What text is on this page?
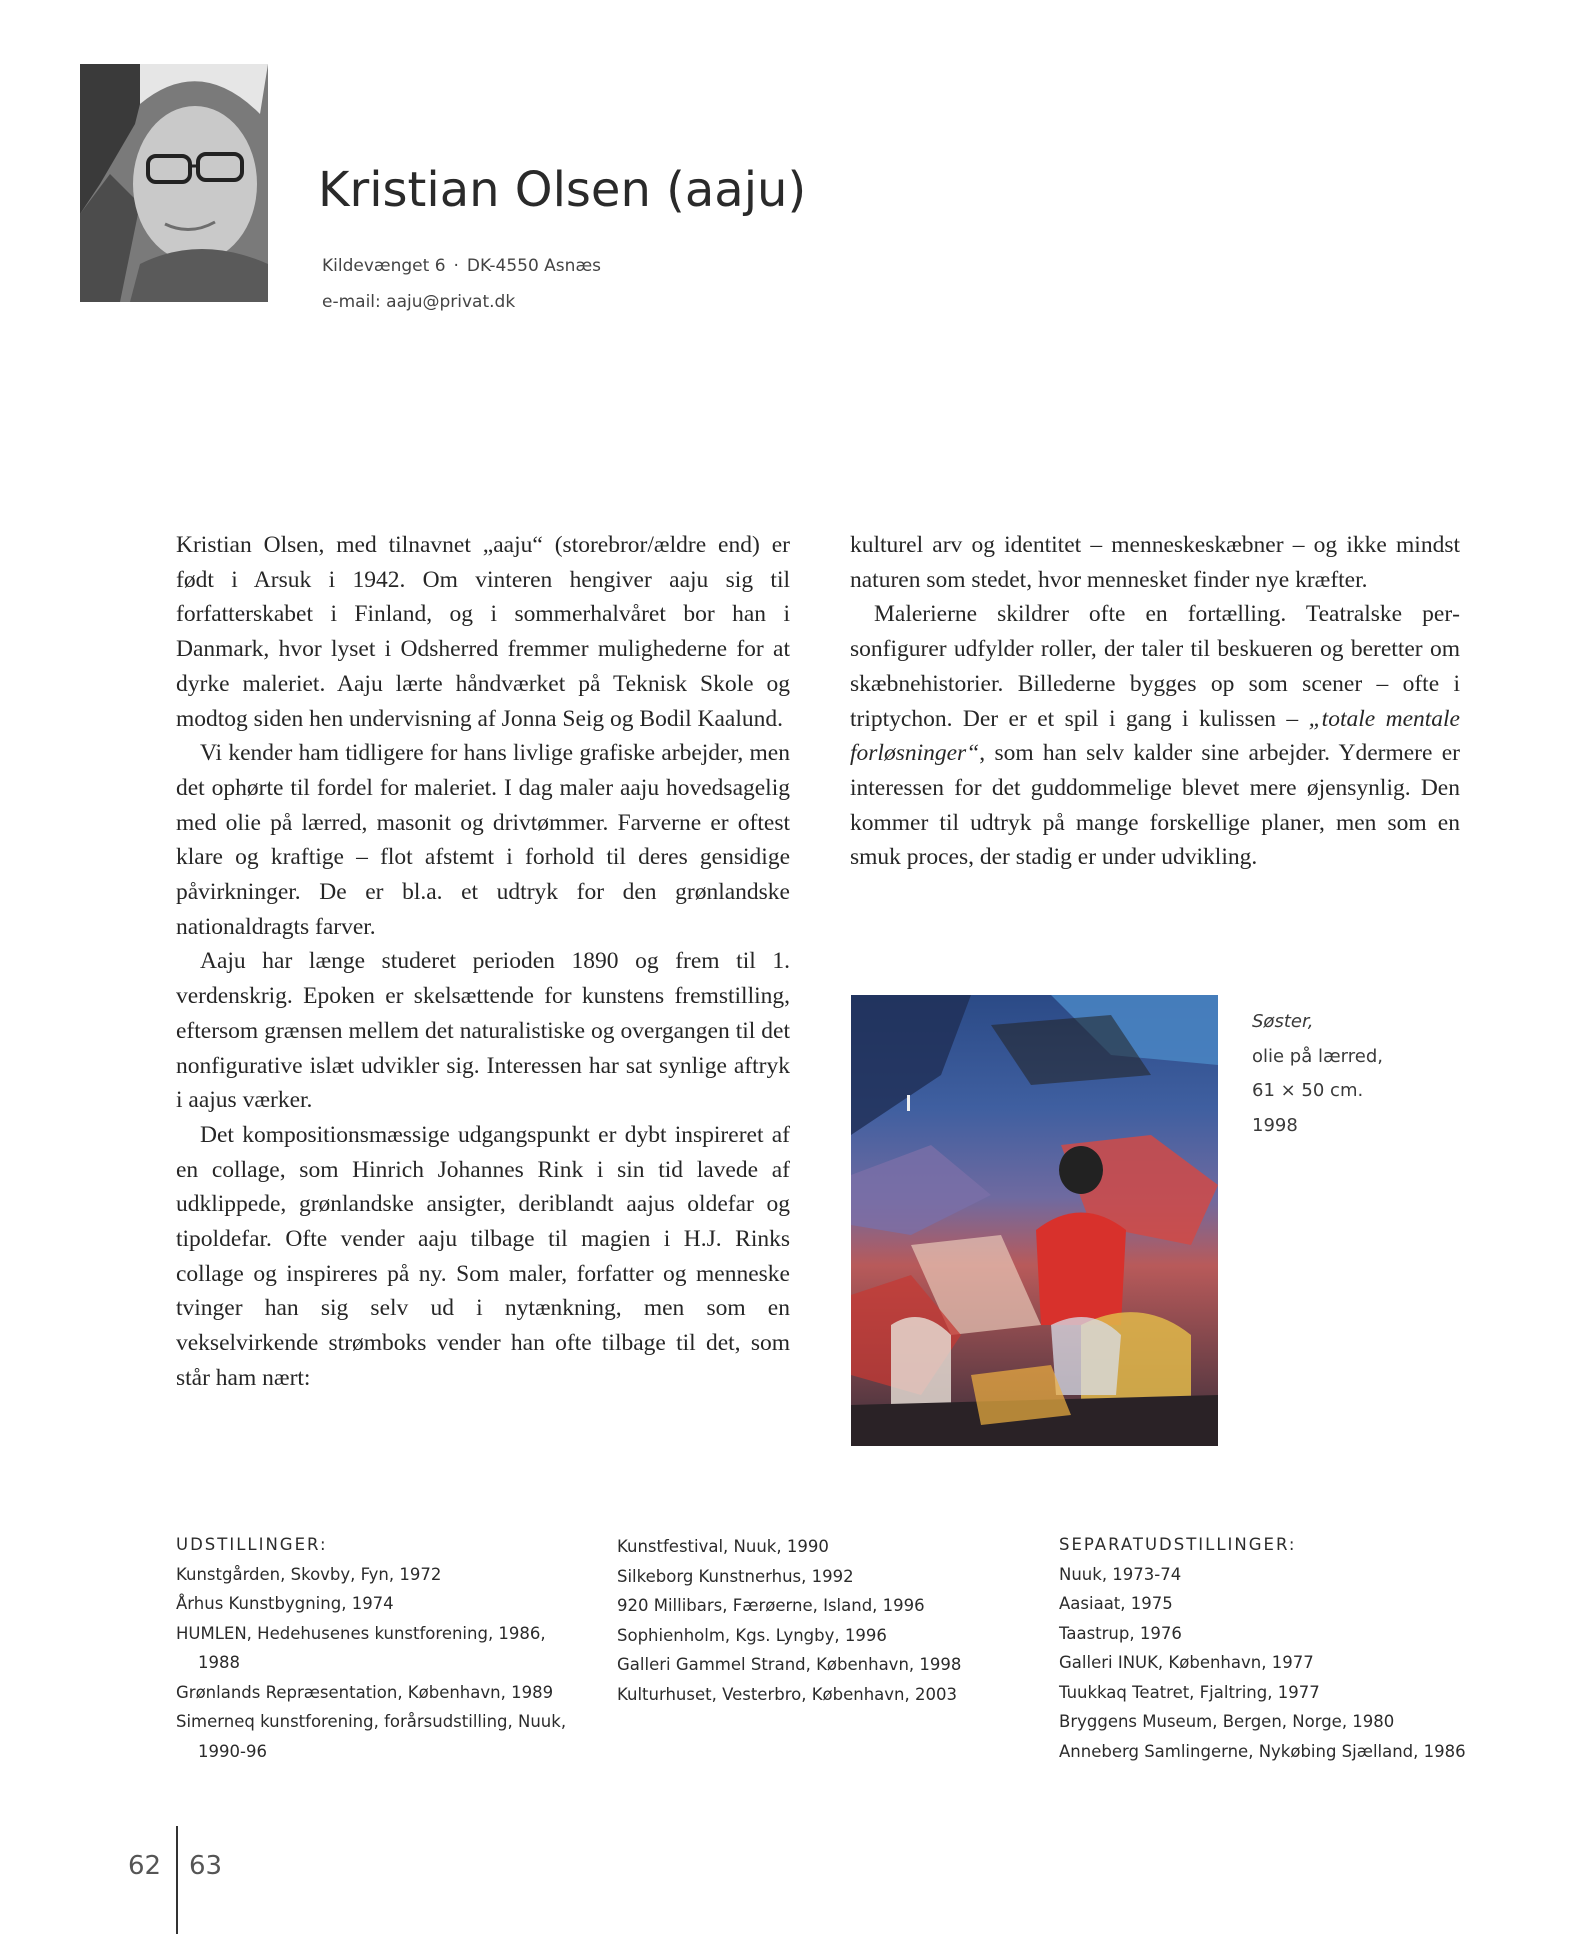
Kristian Olsen (aaju)
Kildevænget 6 · DK-4550 Asnæs
e-mail: aaju@privat.dk

Kristian Olsen, med tilnavnet „aaju“ (storebror/ældre end) er født i Arsuk i 1942. Om vinteren hengiver aaju sig til forfatterskabet i Finland, og i sommerhalvåret bor han i Danmark, hvor lyset i Odsherred fremmer mulighederne for at dyrke maleriet. Aaju lærte håndværket på Teknisk Skole og modtog siden hen undervisning af Jonna Seig og Bodil Kaalund.

Vi kender ham tidligere for hans livlige grafiske arbejder, men det ophørte til fordel for maleriet. I dag maler aaju hovedsagelig med olie på lærred, masonit og drivtømmer. Farverne er oftest klare og kraftige – flot afstemt i forhold til deres gensidige påvirkninger. De er bl.a. et udtryk for den grønlandske nationaldragts farver.

Aaju har længe studeret perioden 1890 og frem til 1. verdenskrig. Epoken er skelsættende for kunstens fremstilling, eftersom grænsen mellem det naturalistiske og overgangen til det nonfigurative islæt udvikler sig. Interessen har sat synlige aftryk i aajus værker.

Det kompositionsmæssige udgangspunkt er dybt inspireret af en collage, som Hinrich Johannes Rink i sin tid lavede af udklippede, grønlandske ansigter, deriblandt aajus oldefar og tipoldefar. Ofte vender aaju tilbage til magien i H.J. Rinks collage og inspireres på ny. Som maler, forfatter og menneske tvinger han sig selv ud i nytænkning, men som en vekselvirkende strømboks vender han ofte tilbage til det, som står ham nært:

kulturel arv og identitet – menneskeskæbner – og ikke mindst naturen som stedet, hvor mennesket finder nye kræfter.

Malerierne skildrer ofte en fortælling. Teatralske personfigurer udfylder roller, der taler til beskueren og beretter om skæbnehistorier. Billederne bygges op som scener – ofte i triptychon. Der er et spil i gang i kulissen – „totale mentale forløsninger“, som han selv kalder sine arbejder. Ydermere er interessen for det guddommelige blevet mere øjensynlig. Den kommer til udtryk på mange forskellige planer, men som en smuk proces, der stadig er under udvikling.

Søster,
olie på lærred,
61 × 50 cm.
1998
UDSTILLINGER:
Kunstgården, Skovby, Fyn, 1972
Århus Kunstbygning, 1974
HUMLEN, Hedehusenes kunstforening, 1986,
1988
Grønlands Repræsentation, København, 1989
Simerneq kunstforening, forårsudstilling, Nuuk,
1990-96
Kunstfestival, Nuuk, 1990
Silkeborg Kunstnerhus, 1992
920 Millibars, Færøerne, Island, 1996
Sophienholm, Kgs. Lyngby, 1996
Galleri Gammel Strand, København, 1998
Kulturhuset, Vesterbro, København, 2003
SEPARATUDSTILLINGER:
Nuuk, 1973-74
Aasiaat, 1975
Taastrup, 1976
Galleri INUK, København, 1977
Tuukkaq Teatret, Fjaltring, 1977
Bryggens Museum, Bergen, Norge, 1980
Anneberg Samlingerne, Nykøbing Sjælland, 1986
62 63
